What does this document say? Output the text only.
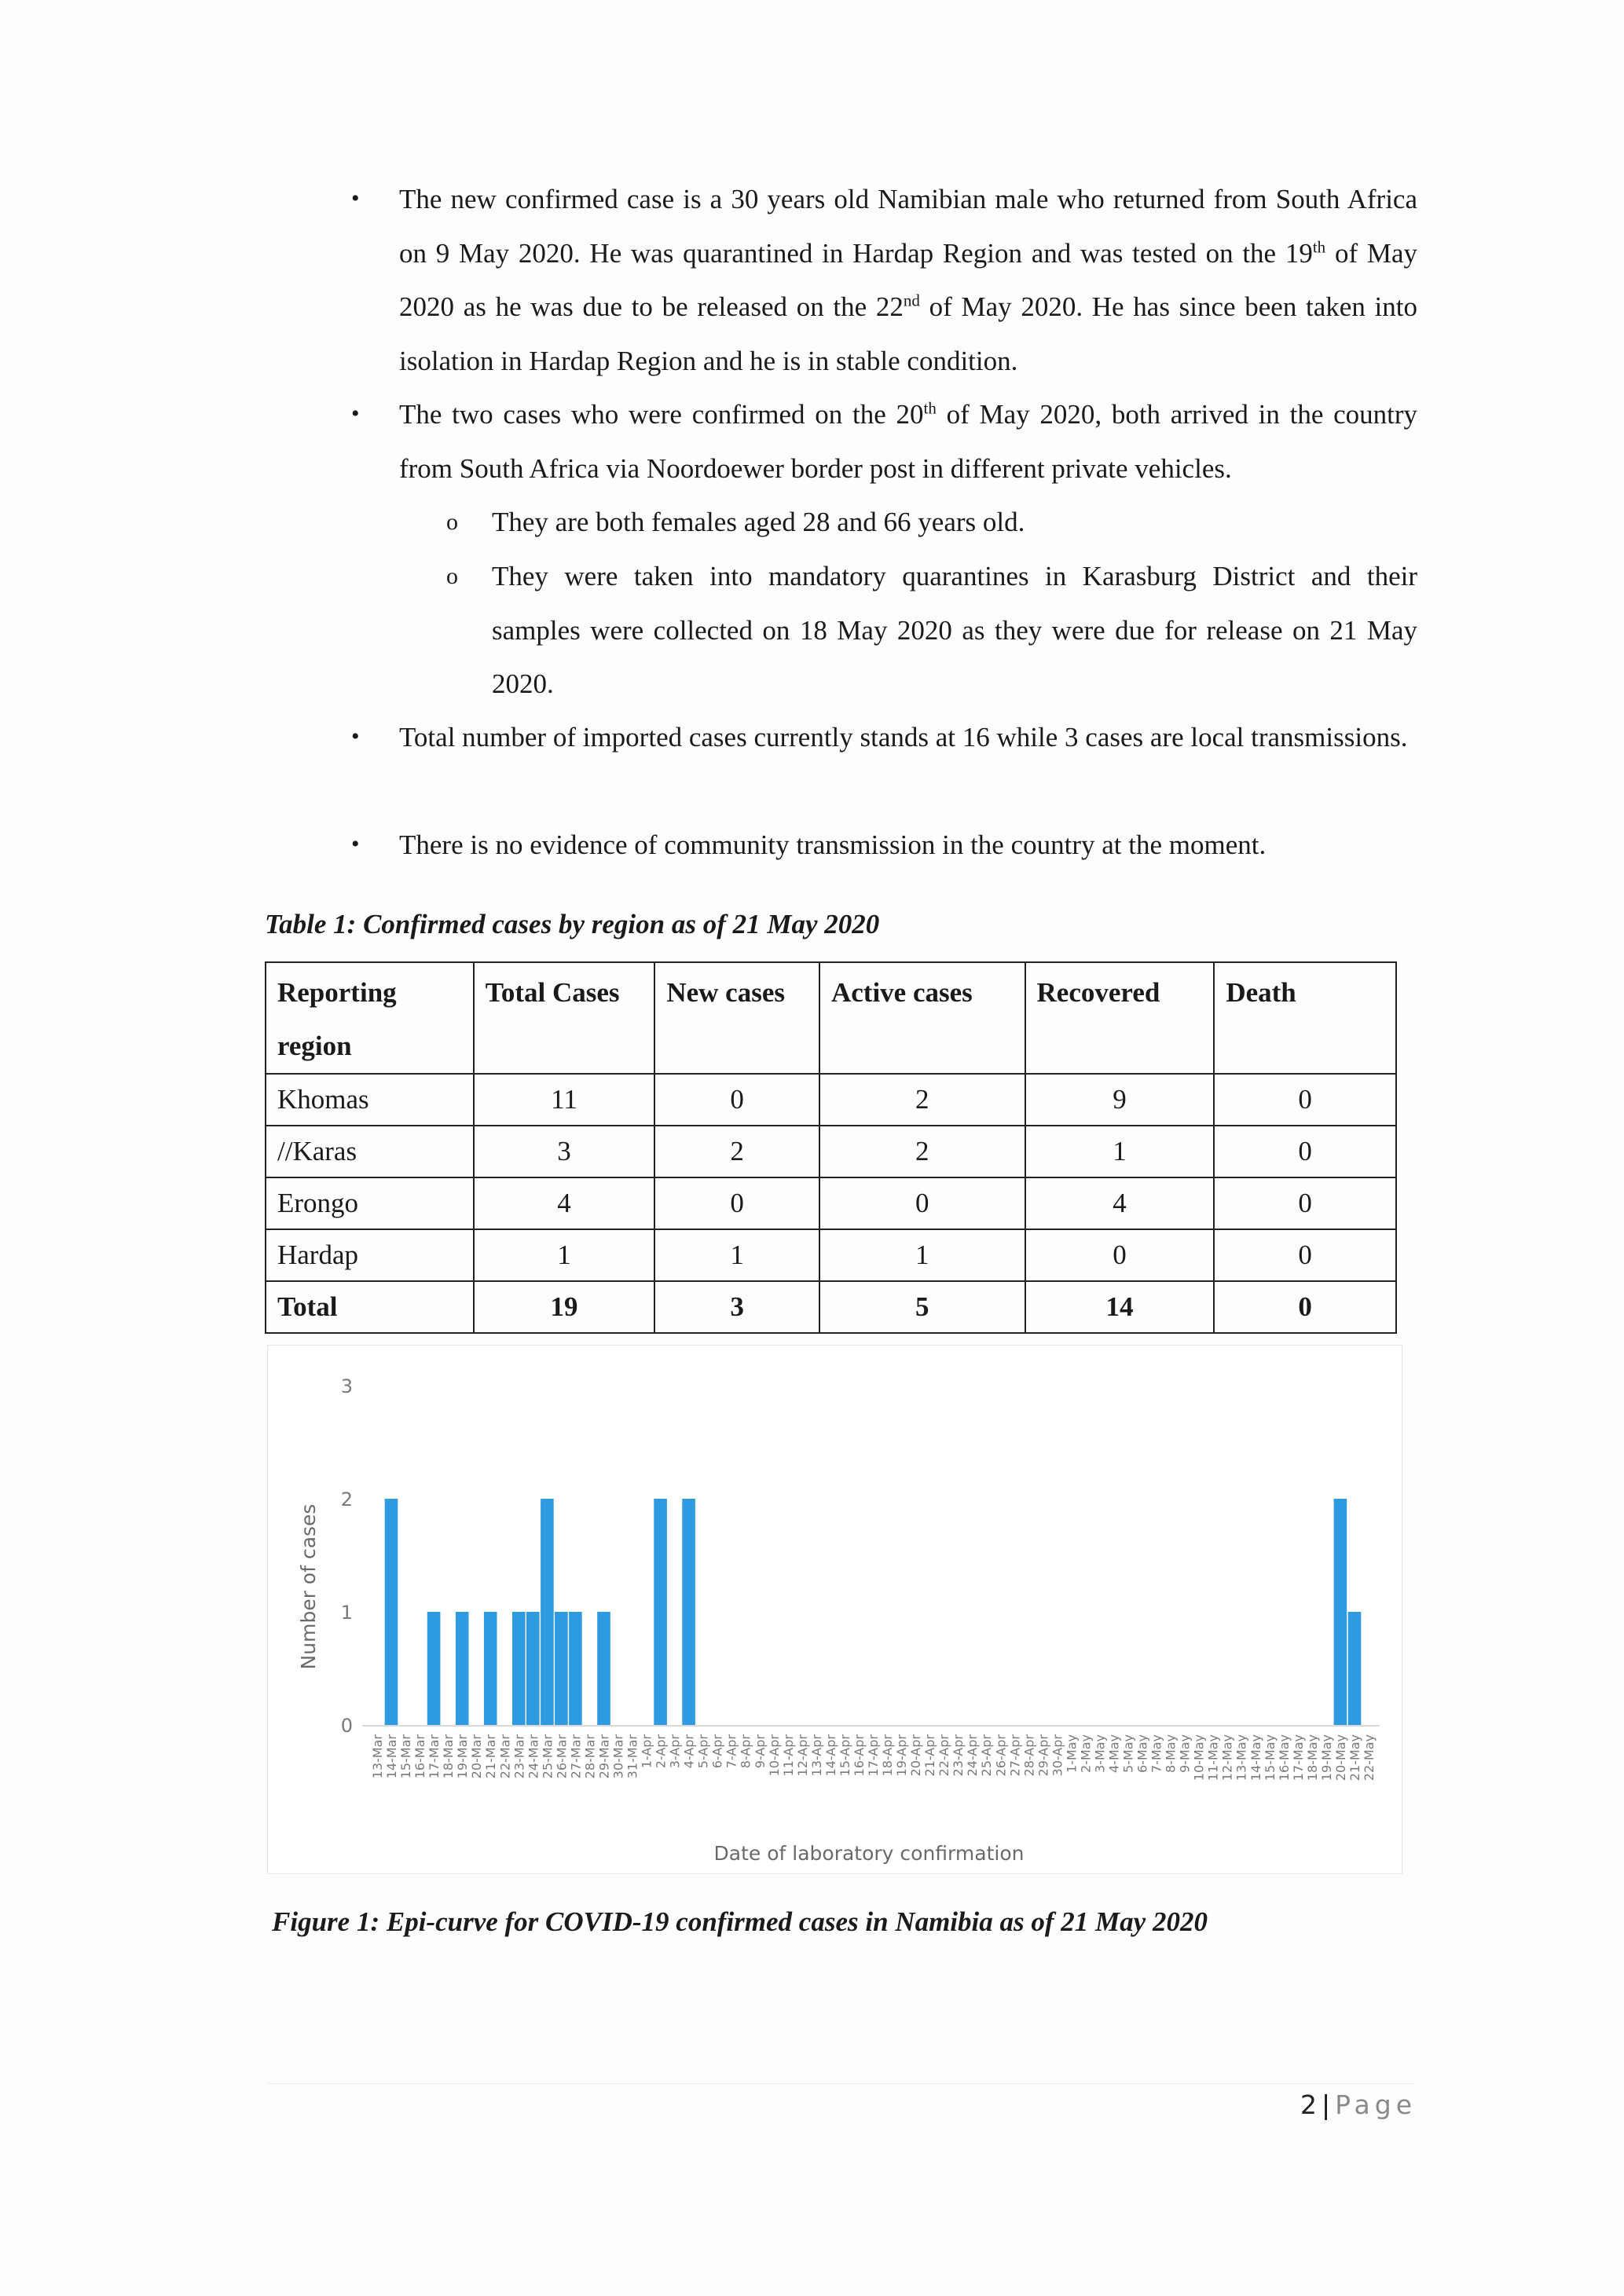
• The new confirmed case is a 30 years old Namibian male who returned from South Africa on 9 May 2020. He was quarantined in Hardap Region and was tested on the 19th of May 2020 as he was due to be released on the 22nd of May 2020. He has since been taken into isolation in Hardap Region and he is in stable condition.
• The two cases who were confirmed on the 20th of May 2020, both arrived in the country from South Africa via Noordoewer border post in different private vehicles.
o They are both females aged 28 and 66 years old.
o They were taken into mandatory quarantines in Karasburg District and their samples were collected on 18 May 2020 as they were due for release on 21 May 2020.
• Total number of imported cases currently stands at 16 while 3 cases are local transmissions.
• There is no evidence of community transmission in the country at the moment.
Table 1: Confirmed cases by region as of 21 May 2020
Reporting region	Total Cases	New cases	Active cases	Recovered	Death
Khomas	11	0	2	9	0
//Karas	3	2	2	1	0
Erongo	4	0	0	4	0
Hardap	1	1	1	0	0
Total	19	3	5	14	0
0
1
2
3
13-Mar 14-Mar 15-Mar 16-Mar 17-Mar 18-Mar 19-Mar 20-Mar 21-Mar 22-Mar 23-Mar 24-Mar 25-Mar 26-Mar 27-Mar 28-Mar 29-Mar 30-Mar 31-Mar 1-Apr 2-Apr 3-Apr 4-Apr 5-Apr 6-Apr 7-Apr 8-Apr 9-Apr 10-Apr 11-Apr 12-Apr 13-Apr 14-Apr 15-Apr 16-Apr 17-Apr 18-Apr 19-Apr 20-Apr 21-Apr 22-Apr 23-Apr 24-Apr 25-Apr 26-Apr 27-Apr 28-Apr 29-Apr 30-Apr 1-May 2-May 3-May 4-May 5-May 6-May 7-May 8-May 9-May 10-May 11-May 12-May 13-May 14-May 15-May 16-May 17-May 18-May 19-May 20-May 21-May 22-May
Number of cases
Date of laboratory confirmation
Figure 1: Epi-curve for COVID-19 confirmed cases in Namibia as of 21 May 2020
2 | Page
